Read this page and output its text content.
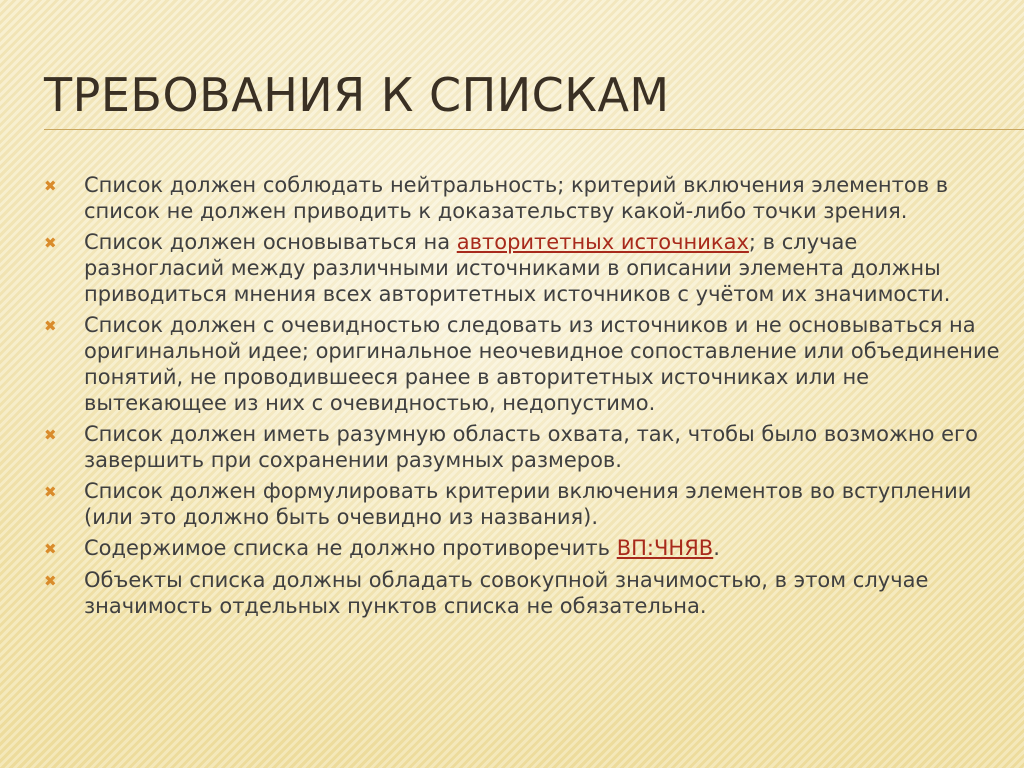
ТРЕБОВАНИЯ К СПИСКАМ
✖	Список должен соблюдать нейтральность; критерий включения элементов в список не должен приводить к доказательству какой-либо точки зрения.
✖	Список должен основываться на авторитетных источниках; в случае разногласий между различными источниками в описании элемента должны приводиться мнения всех авторитетных источников с учётом их значимости.
✖	Список должен с очевидностью следовать из источников и не основываться на оригинальной идее; оригинальное неочевидное сопоставление или объединение понятий, не проводившееся ранее в авторитетных источниках или не вытекающее из них с очевидностью, недопустимо.
✖	Список должен иметь разумную область охвата, так, чтобы было возможно его завершить при сохранении разумных размеров.
✖	Список должен формулировать критерии включения элементов во вступлении (или это должно быть очевидно из названия).
✖	Содержимое списка не должно противоречить ВП:ЧНЯВ.
✖	Объекты списка должны обладать совокупной значимостью, в этом случае значимость отдельных пунктов списка не обязательна.
